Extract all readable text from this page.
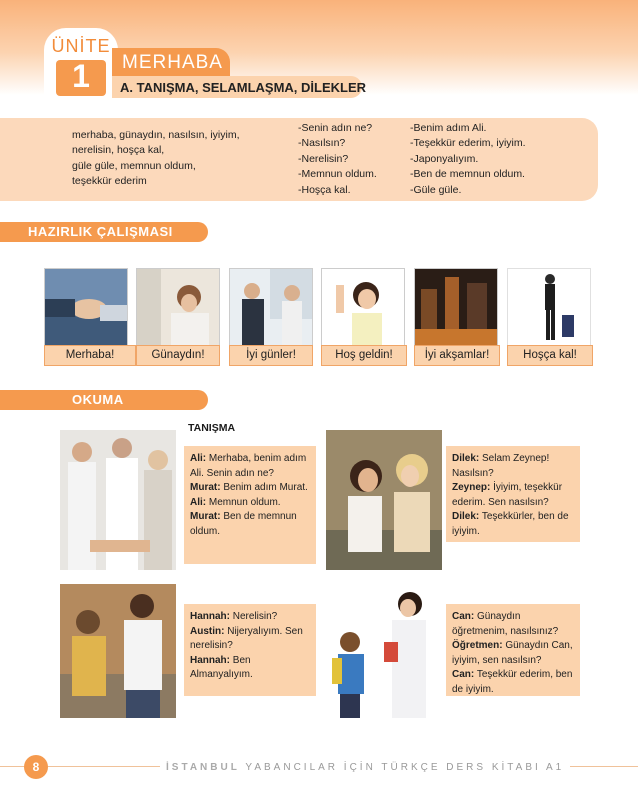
ÜNİTE
1	MERHABA
A. TANIŞMA, SELAMLAŞMA, DİLEKLER
merhaba, günaydın, nasılsın, iyiyim,
nerelisin, hoşça kal,
güle güle, memnun oldum,
teşekkür ederim
-Senin adın ne?
-Nasılsın?
-Nerelisin?
-Memnun oldum.
-Hoşça kal.
-Benim adım Ali.
-Teşekkür ederim, iyiyim.
-Japonyalıyım.
-Ben de memnun oldum.
-Güle güle.
HAZIRLIK ÇALIŞMASI
Merhaba!	Günaydın!	İyi günler!	Hoş geldin!	İyi akşamlar!	Hoşça kal!
OKUMA
TANIŞMA
Ali: Merhaba, benim adım Ali. Senin adın ne?
Murat: Benim adım Murat.
Ali: Memnun oldum.
Murat: Ben de memnun oldum.
Dilek: Selam Zeynep! Nasılsın?
Zeynep: İyiyim, teşekkür ederim. Sen nasılsın?
Dilek: Teşekkürler, ben de iyiyim.
Hannah: Nerelisin?
Austin: Nijeryalıyım. Sen nerelisin?
Hannah: Ben Almanyalıyım.
Can: Günaydın öğretmenim, nasılsınız?
Öğretmen: Günaydın Can, iyiyim, sen nasılsın?
Can: Teşekkür ederim, ben de iyiyim.
8	İSTANBUL YABANCILAR İÇİN TÜRKÇE DERS KİTABI A1
